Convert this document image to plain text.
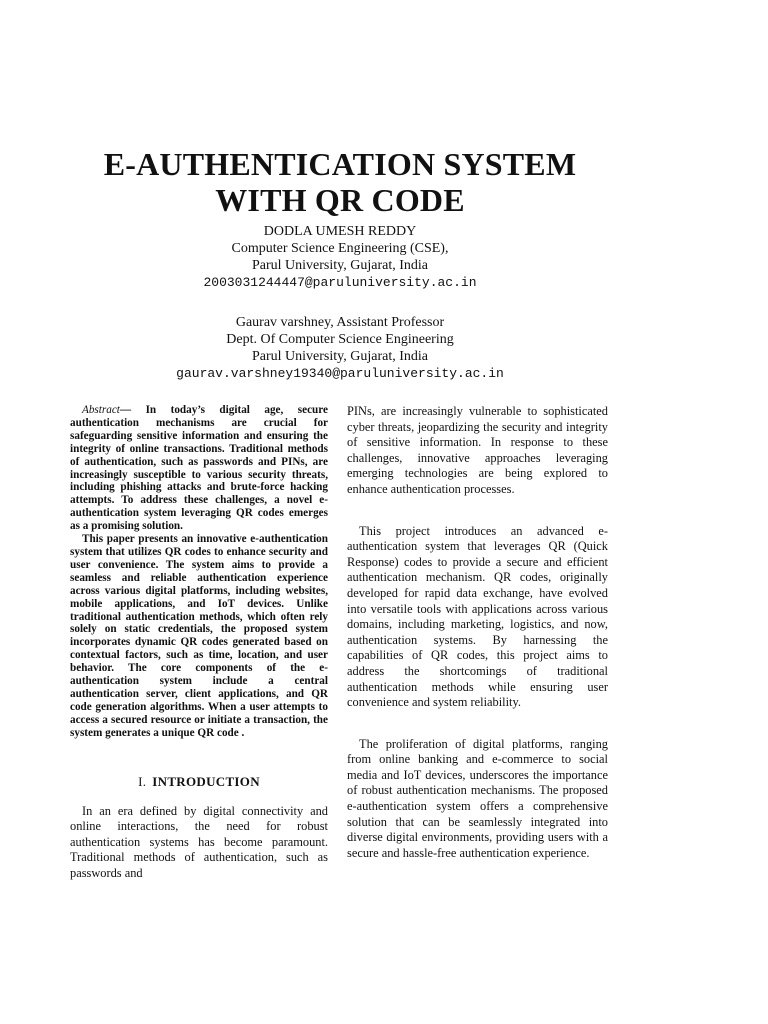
E-AUTHENTICATION SYSTEM
WITH QR CODE
DODLA UMESH REDDY
Computer Science Engineering (CSE),
Parul University, Gujarat, India
2003031244447@paruluniversity.ac.in
Gaurav varshney, Assistant Professor
Dept. Of Computer Science Engineering
Parul University, Gujarat, India
gaurav.varshney19340@paruluniversity.ac.in

Abstract— In today’s digital age, secure authentication mechanisms are crucial for safeguarding sensitive information and ensuring the integrity of online transactions. Traditional methods of authentication, such as passwords and PINs, are increasingly susceptible to various security threats, including phishing attacks and brute-force hacking attempts. To address these challenges, a novel e-authentication system leveraging QR codes emerges as a promising solution.

This paper presents an innovative e-authentication system that utilizes QR codes to enhance security and user convenience. The system aims to provide a seamless and reliable authentication experience across various digital platforms, including websites, mobile applications, and IoT devices. Unlike traditional authentication methods, which often rely solely on static credentials, the proposed system incorporates dynamic QR codes generated based on contextual factors, such as time, location, and user behavior. The core components of the e-authentication system include a central authentication server, client applications, and QR code generation algorithms. When a user attempts to access a secured resource or initiate a transaction, the system generates a unique QR code .

I. INTRODUCTION

In an era defined by digital connectivity and online interactions, the need for robust authentication systems has become paramount. Traditional methods of authentication, such as passwords and

PINs, are increasingly vulnerable to sophisticated cyber threats, jeopardizing the security and integrity of sensitive information. In response to these challenges, innovative approaches leveraging emerging technologies are being explored to enhance authentication processes.

This project introduces an advanced e-authentication system that leverages QR (Quick Response) codes to provide a secure and efficient authentication mechanism. QR codes, originally developed for rapid data exchange, have evolved into versatile tools with applications across various domains, including marketing, logistics, and now, authentication systems. By harnessing the capabilities of QR codes, this project aims to address the shortcomings of traditional authentication methods while ensuring user convenience and system reliability.

The proliferation of digital platforms, ranging from online banking and e-commerce to social media and IoT devices, underscores the importance of robust authentication mechanisms. The proposed e-authentication system offers a comprehensive solution that can be seamlessly integrated into diverse digital environments, providing users with a secure and hassle-free authentication experience.
